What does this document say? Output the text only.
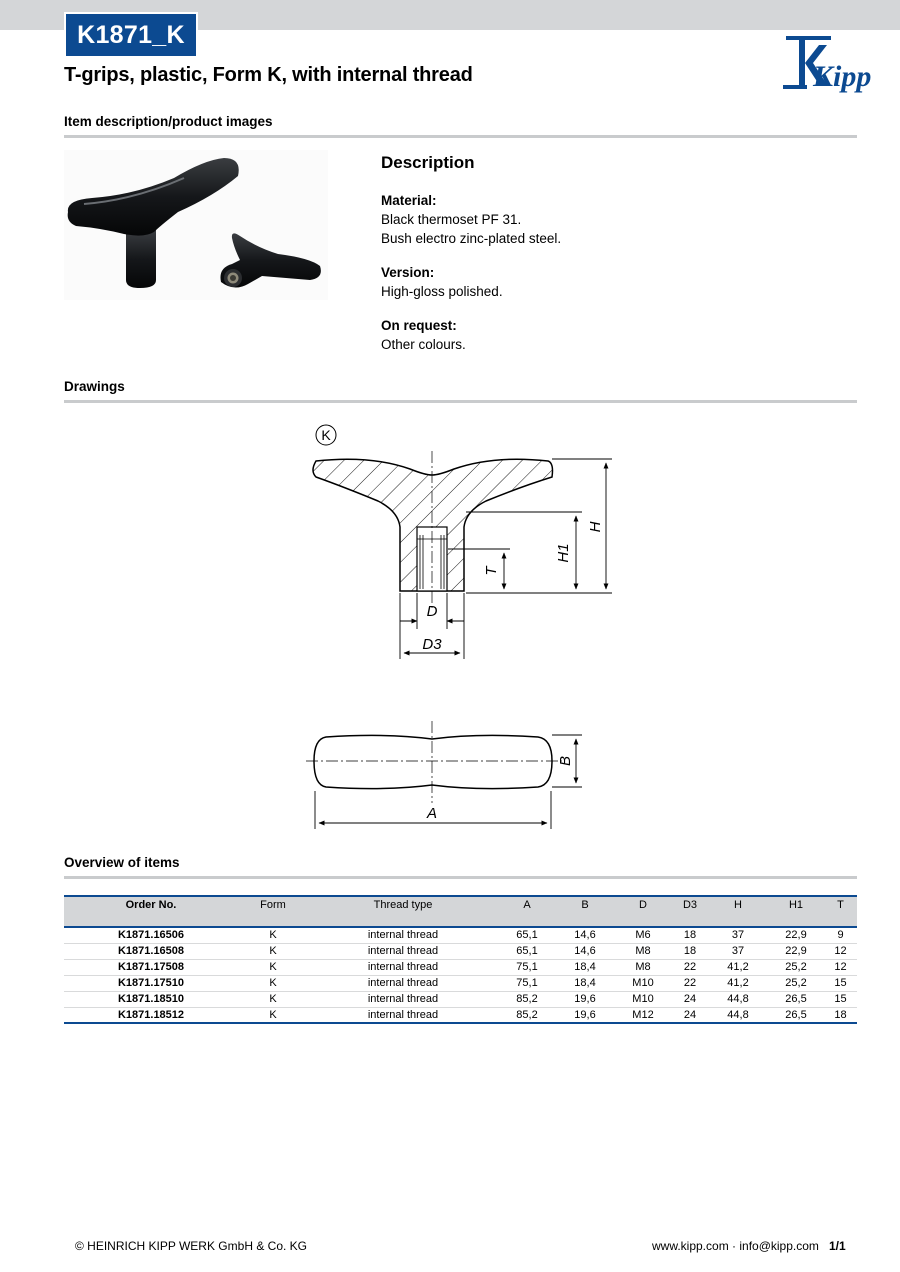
K1871_K
T-grips, plastic, Form K, with internal thread	Kipp
Item description/product images
Description
Material:
Black thermoset PF 31.
Bush electro zinc-plated steel.
Version:
High-gloss polished.
On request:
Other colours.
Drawings
K
D
D3
T
H1
H
A
B
Overview of items
Order No.	Form	Thread type	A	B	D	D3	H	H1	T
K1871.16506	K	internal thread	65,1	14,6	M6	18	37	22,9	9
K1871.16508	K	internal thread	65,1	14,6	M8	18	37	22,9	12
K1871.17508	K	internal thread	75,1	18,4	M8	22	41,2	25,2	12
K1871.17510	K	internal thread	75,1	18,4	M10	22	41,2	25,2	15
K1871.18510	K	internal thread	85,2	19,6	M10	24	44,8	26,5	15
K1871.18512	K	internal thread	85,2	19,6	M12	24	44,8	26,5	18
© HEINRICH KIPP WERK GmbH & Co. KG	www.kipp.com · info@kipp.com 1/1
